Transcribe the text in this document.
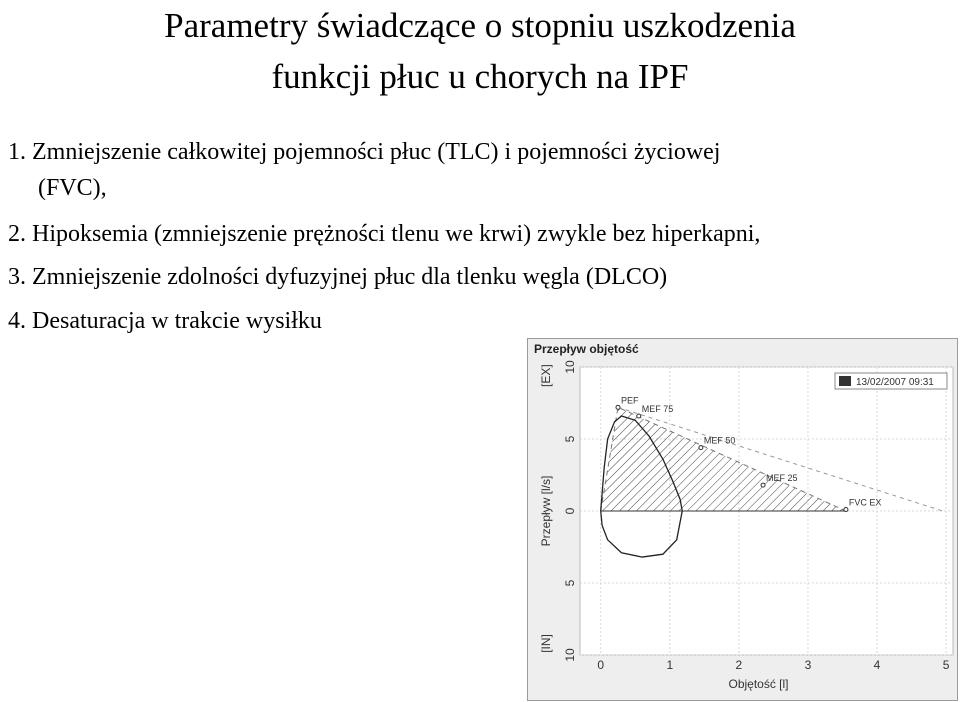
Parametry świadczące o stopniu uszkodzenia
funkcji płuc u chorych na IPF
1. Zmniejszenie całkowitej pojemności płuc (TLC) i pojemności życiowej
(FVC),
2. Hipoksemia (zmniejszenie prężności tlenu we krwi) zwykle bez hiperkapni,
3. Zmniejszenie zdolności dyfuzyjnej płuc dla tlenku węgla (DLCO)
4. Desaturacja w trakcie wysiłku
Przepływ objętość
PEF
MEF 75
MEF 50
MEF 25
FVC EX
0	1	2	3	4	5
Objętość [l]
10
5
0
5
10
Przepływ [l/s]
[EX]
[IN]
13/02/2007 09:31
